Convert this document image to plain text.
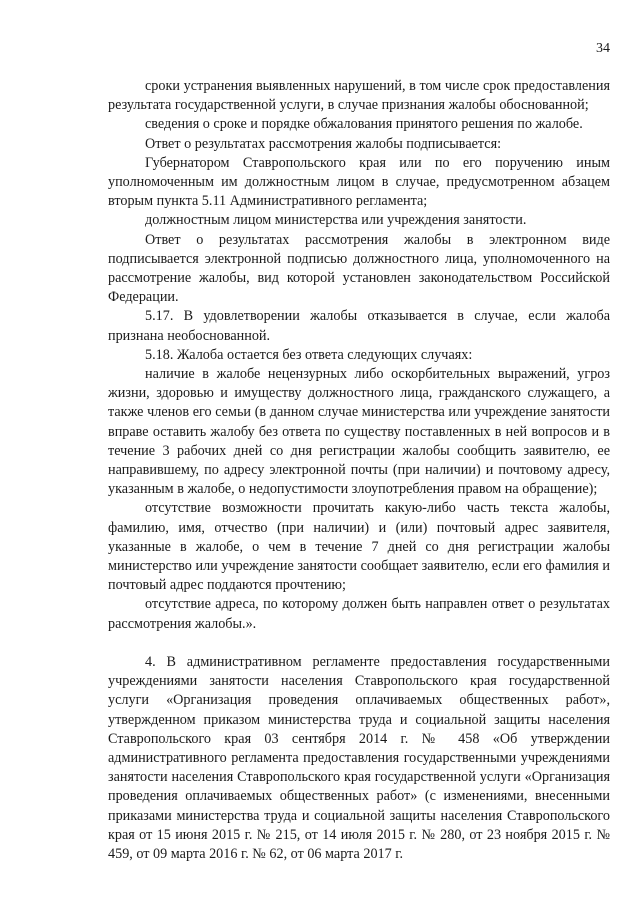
34

сроки устранения выявленных нарушений, в том числе срок предоставления результата государственной услуги, в случае признания жалобы обоснованной;

сведения о сроке и порядке обжалования принятого решения по жалобе.

Ответ о результатах рассмотрения жалобы подписывается:

Губернатором Ставропольского края или по его поручению иным уполномоченным им должностным лицом в случае, предусмотренном абзацем вторым пункта 5.11 Административного регламента;

должностным лицом министерства или учреждения занятости.

Ответ о результатах рассмотрения жалобы в электронном виде подписывается электронной подписью должностного лица, уполномоченного на рассмотрение жалобы, вид которой установлен законодательством Российской Федерации.

5.17. В удовлетворении жалобы отказывается в случае, если жалоба признана необоснованной.

5.18. Жалоба остается без ответа следующих случаях:

наличие в жалобе нецензурных либо оскорбительных выражений, угроз жизни, здоровью и имуществу должностного лица, гражданского служащего, а также членов его семьи (в данном случае министерства или учреждение занятости вправе оставить жалобу без ответа по существу поставленных в ней вопросов и в течение 3 рабочих дней со дня регистрации жалобы сообщить заявителю, ее направившему, по адресу электронной почты (при наличии) и почтовому адресу, указанным в жалобе, о недопустимости злоупотребления правом на обращение);

отсутствие возможности прочитать какую-либо часть текста жалобы, фамилию, имя, отчество (при наличии) и (или) почтовый адрес заявителя, указанные в жалобе, о чем в течение 7 дней со дня регистрации жалобы министерство или учреждение занятости сообщает заявителю, если его фамилия и почтовый адрес поддаются прочтению;

отсутствие адреса, по которому должен быть направлен ответ о результатах рассмотрения жалобы.».

4. В административном регламенте предоставления государственными учреждениями занятости населения Ставропольского края государственной услуги «Организация проведения оплачиваемых общественных работ», утвержденном приказом министерства труда и социальной защиты населения Ставропольского края 03 сентября 2014 г. № 458 «Об утверждении административного регламента предоставления государственными учреждениями занятости населения Ставропольского края государственной услуги «Организация проведения оплачиваемых общественных работ» (с изменениями, внесенными приказами министерства труда и социальной защиты населения Ставропольского края от 15 июня 2015 г. № 215, от 14 июля 2015 г. № 280, от 23 ноября 2015 г. № 459, от 09 марта 2016 г. № 62, от 06 марта 2017 г.
